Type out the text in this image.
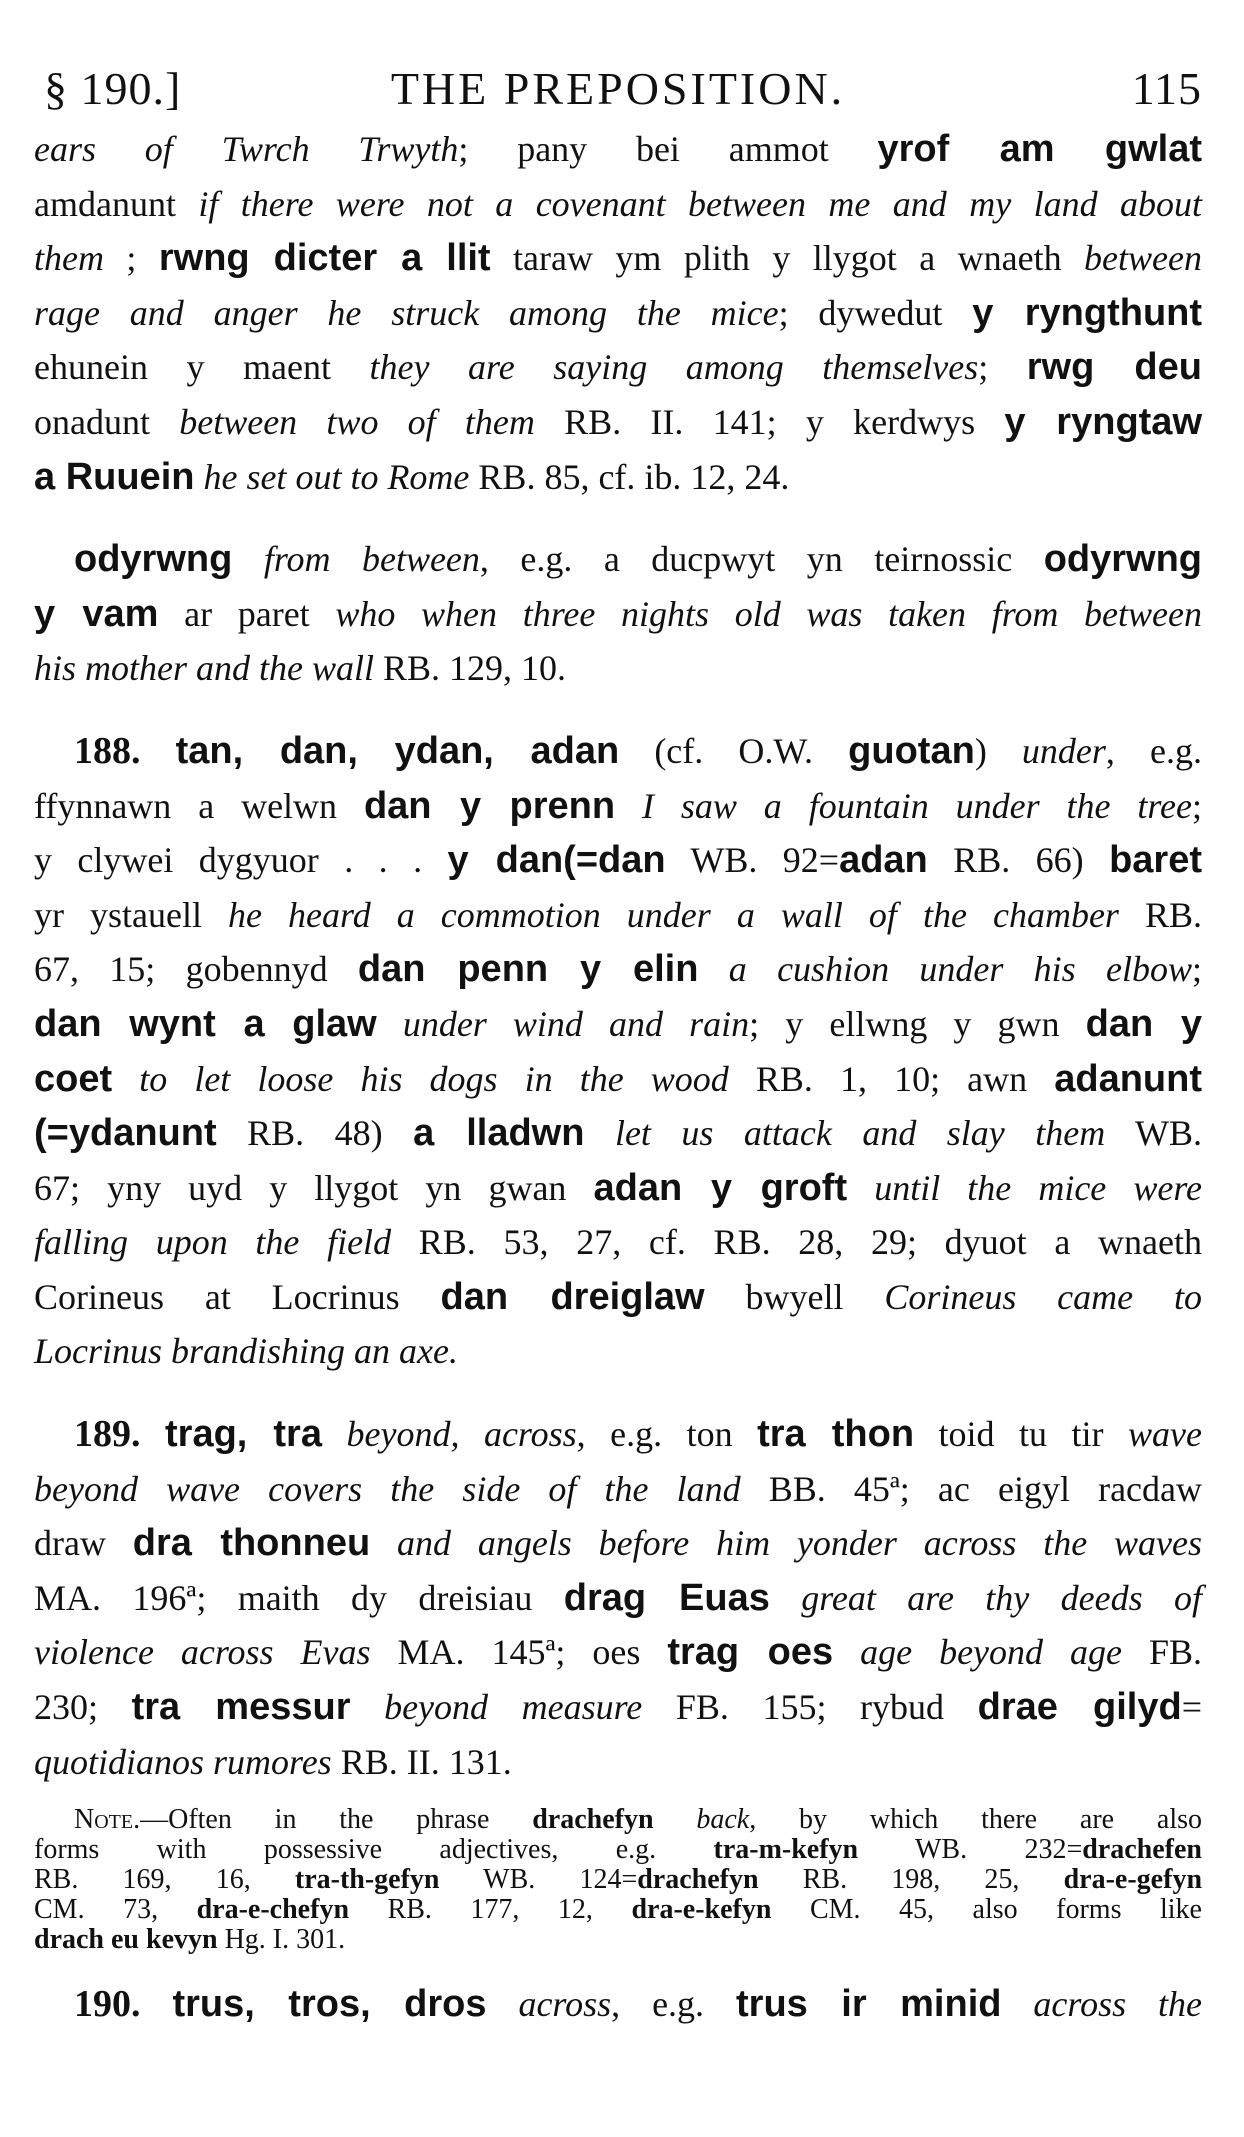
§ 190.]	THE PREPOSITION.	115
ears of Twrch Trwyth; pany bei ammot yrof am gwlat
amdanunt if there were not a covenant between me and my land about
them ; rwng dicter a llit taraw ym plith y llygot a wnaeth between
rage and anger he struck among the mice; dywedut y ryngthunt
ehunein y maent they are saying among themselves; rwg deu
onadunt between two of them RB. II. 141; y kerdwys y ryngtaw
a Ruuein he set out to Rome RB. 85, cf. ib. 12, 24.
odyrwng from between, e.g. a ducpwyt yn teirnossic odyrwng
y vam ar paret who when three nights old was taken from between
his mother and the wall RB. 129, 10.
188. tan, dan, ydan, adan (cf. O.W. guotan) under, e.g.
ffynnawn a welwn dan y prenn I saw a fountain under the tree;
y clywei dygyuor . . . y dan(=dan WB. 92=adan RB. 66) baret
yr ystauell he heard a commotion under a wall of the chamber RB.
67, 15; gobennyd dan penn y elin a cushion under his elbow;
dan wynt a glaw under wind and rain; y ellwng y gwn dan y
coet to let loose his dogs in the wood RB. 1, 10; awn adanunt
(=ydanunt RB. 48) a lladwn let us attack and slay them WB.
67; yny uyd y llygot yn gwan adan y groft until the mice were
falling upon the field RB. 53, 27, cf. RB. 28, 29; dyuot a wnaeth
Corineus at Locrinus dan dreiglaw bwyell Corineus came to
Locrinus brandishing an axe.
189. trag, tra beyond, across, e.g. ton tra thon toid tu tir wave
beyond wave covers the side of the land BB. 45ª; ac eigyl racdaw
draw dra thonneu and angels before him yonder across the waves
MA. 196ª; maith dy dreisiau drag Euas great are thy deeds of
violence across Evas MA. 145ª; oes trag oes age beyond age FB.
230; tra messur beyond measure FB. 155; rybud drae gilyd=
quotidianos rumores RB. II. 131.
Note.—Often in the phrase drachefyn back, by which there are also
forms with possessive adjectives, e.g. tra-m-kefyn WB. 232=drachefen
RB. 169, 16, tra-th-gefyn WB. 124=drachefyn RB. 198, 25, dra-e-gefyn
CM. 73, dra-e-chefyn RB. 177, 12, dra-e-kefyn CM. 45, also forms like
drach eu kevyn Hg. I. 301.
190. trus, tros, dros across, e.g. trus ir minid across the
